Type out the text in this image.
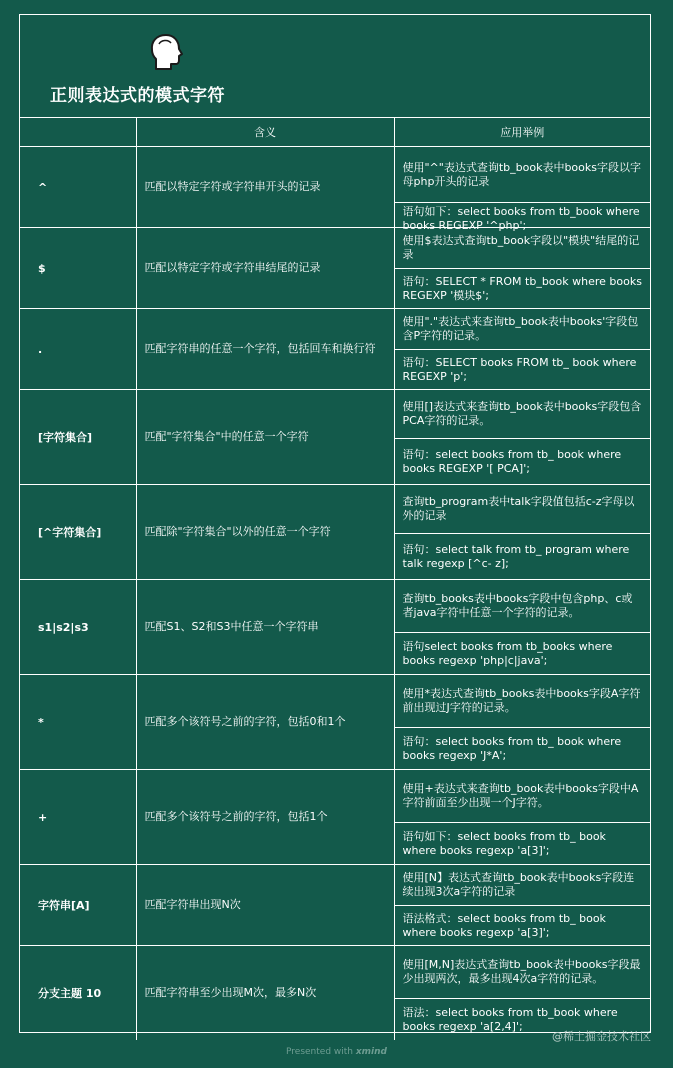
正则表达式的模式字符
	含义	应用举例
^	匹配以特定字符或字符串开头的记录	使用"^"表达式查询tb_book表中books字段以字母php开头的记录
语句如下：select books from tb_book where books REGEXP '^php';

$	匹配以特定字符或字符串结尾的记录	使用$表达式查询tb_book字段以"模块"结尾的记录
语句：SELECT * FROM tb_book where books REGEXP '模块$';

.	匹配字符串的任意一个字符，包括回车和换行符	使用"."表达式来查询tb_book表中books'字段包含P字符的记录。
语句：SELECT books FROM tb_ book where REGEXP 'p';

[字符集合]	匹配"字符集合"中的任意一个字符	使用[]表达式来查询tb_book表中books字段包含PCA字符的记录。
语句：select books from tb_ book where books REGEXP '[ PCA]';

[^字符集合]	匹配除"字符集合"以外的任意一个字符	查询tb_program表中talk字段值包括c-z字母以外的记录
语句：select talk from tb_ program where talk regexp [^c- z];

s1|s2|s3	匹配S1、S2和S3中任意一个字符串	查询tb_books表中books字段中包含php、c或者java字符中任意一个字符的记录。
语句select books from tb_books where books regexp 'php|c|java';

*	匹配多个该符号之前的字符，包括0和1个	使用*表达式查询tb_books表中books字段A字符前出现过J字符的记录。
语句：select books from tb_ book where books regexp 'J*A';

+	匹配多个该符号之前的字符，包括1个	使用+表达式来查询tb_book表中books字段中A字符前面至少出现一个J字符。
语句如下：select books from tb_ book where books regexp 'a[3]';

字符串[A]	匹配字符串出现N次	使用[N】表达式查询tb_book表中books字段连续出现3次a字符的记录
语法格式：select books from tb_ book where books regexp 'a[3]';

分支主题 10	匹配字符串至少出现M次，最多N次	使用[M,N]表达式查询tb_book表中books字段最少出现两次，最多出现4次a字符的记录。
语法：select books from tb_book where books regexp 'a[2,4]';
@稀土掘金技术社区
Presented with xmind
